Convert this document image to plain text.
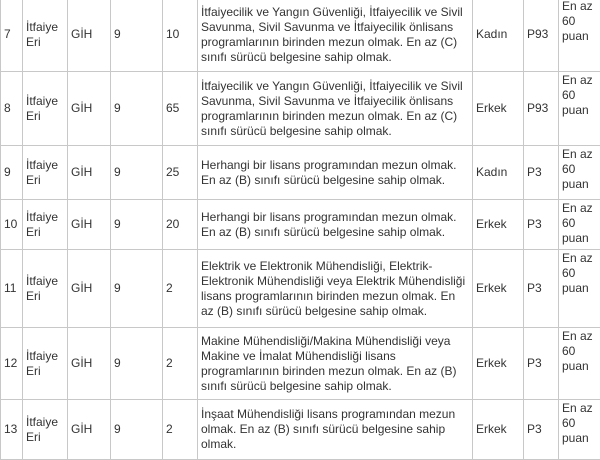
7	İtfaiye Eri	GİH	9	10	İtfaiyecilik ve Yangın Güvenliği, İtfaiyecilik ve Sivil Savunma, Sivil Savunma ve İtfaiyecilik önlisans programlarının birinden mezun olmak. En az (C) sınıfı sürücü belgesine sahip olmak.	Kadın	P93	En az 60 puan
8	İtfaiye Eri	GİH	9	65	İtfaiyecilik ve Yangın Güvenliği, İtfaiyecilik ve Sivil Savunma, Sivil Savunma ve İtfaiyecilik önlisans programlarının birinden mezun olmak. En az (C) sınıfı sürücü belgesine sahip olmak.	Erkek	P93	En az 60 puan
9	İtfaiye Eri	GİH	9	25	Herhangi bir lisans programından mezun olmak. En az (B) sınıfı sürücü belgesine sahip olmak.	Kadın	P3	En az 60 puan
10	İtfaiye Eri	GİH	9	20	Herhangi bir lisans programından mezun olmak. En az (B) sınıfı sürücü belgesine sahip olmak.	Erkek	P3	En az 60 puan
11	İtfaiye Eri	GİH	9	2	Elektrik ve Elektronik Mühendisliği, Elektrik-Elektronik Mühendisliği veya Elektrik Mühendisliği lisans programlarının birinden mezun olmak. En az (B) sınıfı sürücü belgesine sahip olmak.	Erkek	P3	En az 60 puan
12	İtfaiye Eri	GİH	9	2	Makine Mühendisliği/Makina Mühendisliği veya Makine ve İmalat Mühendisliği lisans programlarının birinden mezun olmak. En az (B) sınıfı sürücü belgesine sahip olmak.	Erkek	P3	En az 60 puan
13	İtfaiye Eri	GİH	9	2	İnşaat Mühendisliği lisans programından mezun olmak. En az (B) sınıfı sürücü belgesine sahip olmak.	Erkek	P3	En az 60 puan
